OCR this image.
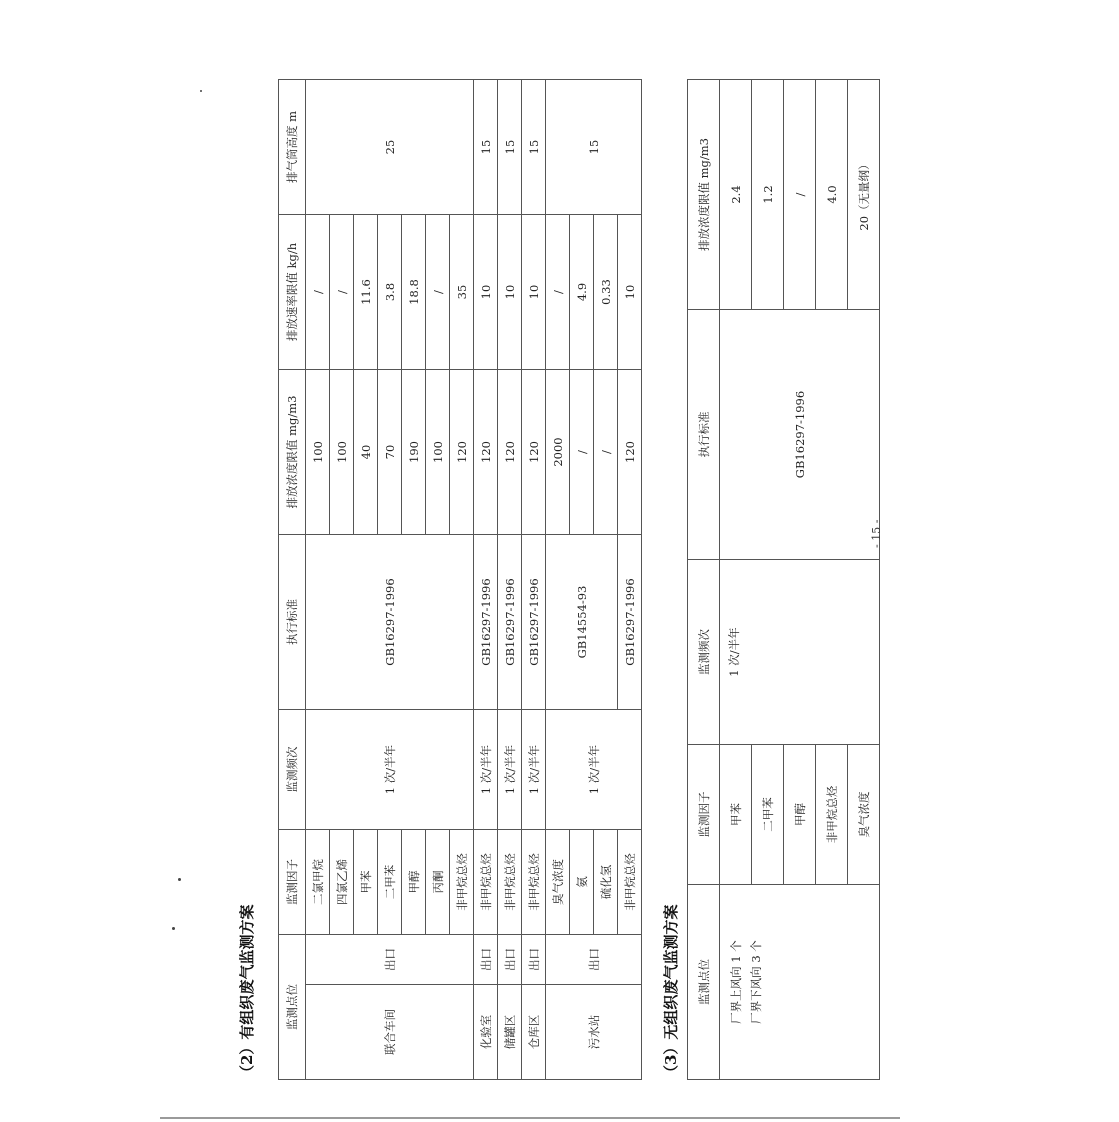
（2）有组织废气监测方案	监测点位		监测因子	监测频次	执行标准	排放浓度限值 mg/m3	排放速率限值 kg/h	排气筒高度 m	
联合车间	出口	二氯甲烷	1 次/半年	GB16297-1996	100	/	25	
		四氯乙烯			100	/		
		甲苯			40	11.6		
		二甲苯			70	3.8		
		甲醇			190	18.8		
		丙酮			100	/		
		非甲烷总烃			120	35		
化验室	出口	非甲烷总烃	1 次/半年	GB16297-1996	120	10	15	
储罐区	出口	非甲烷总烃	1 次/半年	GB16297-1996	120	10	15	
仓库区	出口	非甲烷总烃	1 次/半年	GB16297-1996	120	10	15	
污水站	出口	臭气浓度	1 次/半年	GB14554-93	2000	/	15	
		氨			/	4.9		
		硫化氢			/	0.33		
		非甲烷总烃		GB16297-1996	120	10		
（3）无组织废气监测方案 监测点位	监测因子	监测频次	执行标准	排放浓度限值 mg/m3

厂界上风向 1 个 厂界下风向 3 个	甲苯	1 次/半年	GB16297-1996	2.4
	二甲苯			1.2
	甲醇			/
	非甲烷总烃			4.0
	臭气浓度			20（无量纲）
- 15 -
